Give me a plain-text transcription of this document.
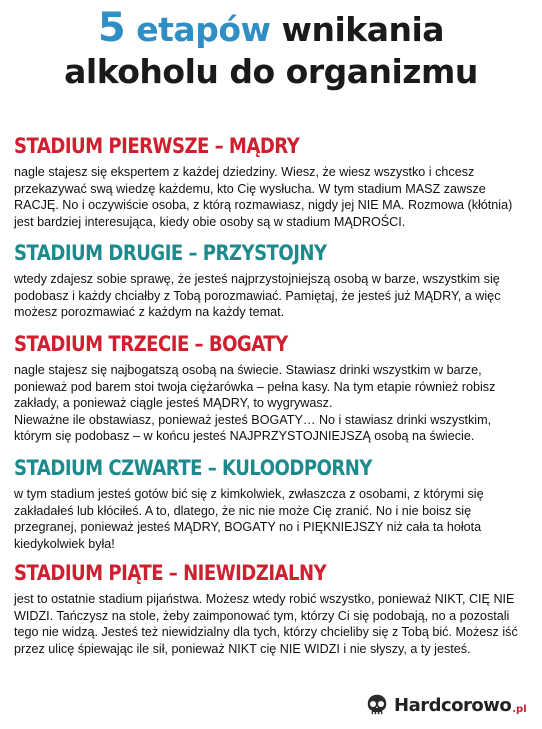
5 etapów wnikania
alkoholu do organizmu
STADIUM PIERWSZE – MĄDRY

nagle stajesz się ekspertem z każdej dziedziny. Wiesz, że wiesz wszystko i chcesz przekazywać swą wiedzę każdemu, kto Cię wysłucha. W tym stadium MASZ zawsze RACJĘ. No i oczywiście osoba, z którą rozmawiasz, nigdy jej NIE MA. Rozmowa (kłótnia) jest bardziej interesująca, kiedy obie osoby są w stadium MĄDROŚCI.

STADIUM DRUGIE – PRZYSTOJNY

wtedy zdajesz sobie sprawę, że jesteś najprzystojniejszą osobą w barze, wszystkim się podobasz i każdy chciałby z Tobą porozmawiać. Pamiętaj, że jesteś już MĄDRY, a więc możesz porozmawiać z każdym na każdy temat.

STADIUM TRZECIE – BOGATY

nagle stajesz się najbogatszą osobą na świecie. Stawiasz drinki wszystkim w barze, ponieważ pod barem stoi twoja ciężarówka – pełna kasy. Na tym etapie również robisz zakłady, a ponieważ ciągle jesteś MĄDRY, to wygrywasz.
Nieważne ile obstawiasz, ponieważ jesteś BOGATY… No i stawiasz drinki wszystkim, którym się podobasz – w końcu jesteś NAJPRZYSTOJNIEJSZĄ osobą na świecie.

STADIUM CZWARTE – KULOODPORNY

w tym stadium jesteś gotów bić się z kimkolwiek, zwłaszcza z osobami, z którymi się zakładałeś lub kłóciłeś. A to, dlatego, że nic nie może Cię zranić. No i nie boisz się przegranej, ponieważ jesteś MĄDRY, BOGATY no i PIĘKNIEJSZY niż cała ta hołota kiedykolwiek była!

STADIUM PIĄTE – NIEWIDZIALNY

jest to ostatnie stadium pijaństwa. Możesz wtedy robić wszystko, ponieważ NIKT, CIĘ NIE WIDZI. Tańczysz na stole, żeby zaimponować tym, którzy Ci się podobają, no a pozostali tego nie widzą. Jesteś też niewidzialny dla tych, którzy chcieliby się z Tobą bić. Możesz iść przez ulicę śpiewając ile sił, ponieważ NIKT cię NIE WIDZI i nie słyszy, a ty jesteś.

Hardcorowo .pl
